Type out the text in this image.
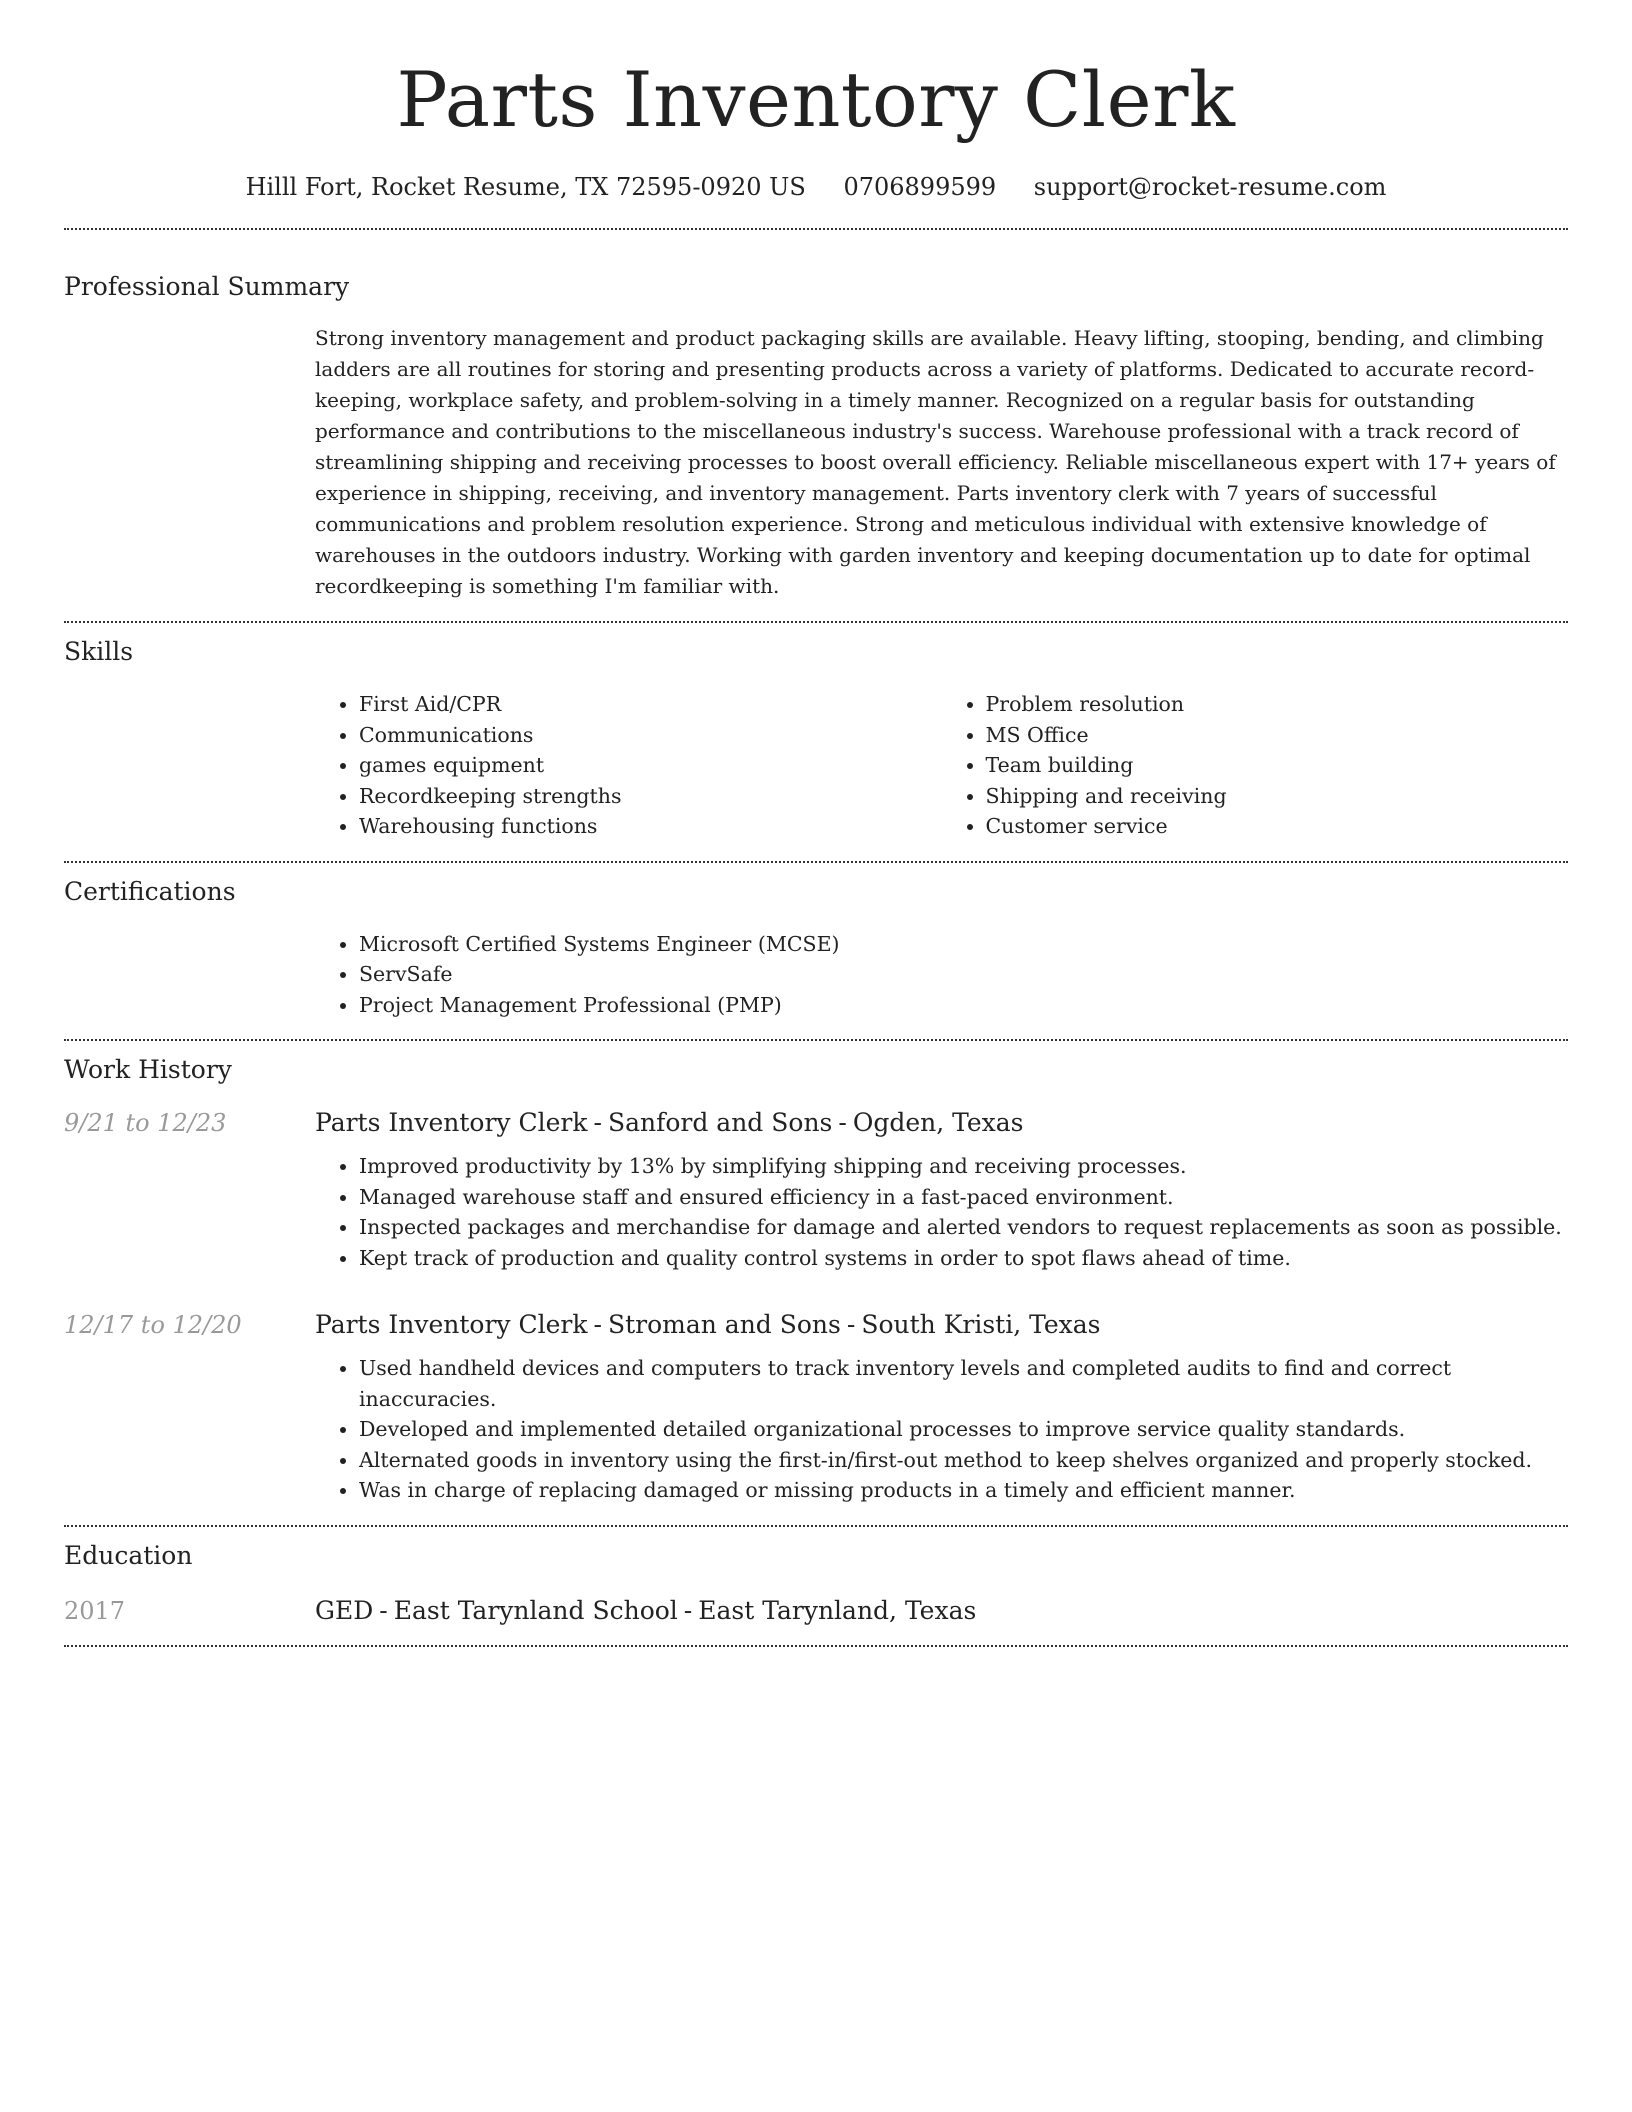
Parts Inventory Clerk
Hilll Fort, Rocket Resume, TX 72595-0920 US 0706899599 support@rocket-resume.com
Professional Summary

Strong inventory management and product packaging skills are available. Heavy lifting, stooping, bending, and climbing ladders are all routines for storing and presenting products across a variety of platforms. Dedicated to accurate record-keeping, workplace safety, and problem-solving in a timely manner. Recognized on a regular basis for outstanding performance and contributions to the miscellaneous industry's success. Warehouse professional with a track record of streamlining shipping and receiving processes to boost overall efficiency. Reliable miscellaneous expert with 17+ years of experience in shipping, receiving, and inventory management. Parts inventory clerk with 7 years of successful communications and problem resolution experience. Strong and meticulous individual with extensive knowledge of warehouses in the outdoors industry. Working with garden inventory and keeping documentation up to date for optimal recordkeeping is something I'm familiar with.

Skills
• First Aid/CPR
• Communications
• games equipment
• Recordkeeping strengths
• Warehousing functions
• Problem resolution
• MS Office
• Team building
• Shipping and receiving
• Customer service
Certifications
• Microsoft Certified Systems Engineer (MCSE)
• ServSafe
• Project Management Professional (PMP)
Work History
9/21 to 12/23	Parts Inventory Clerk - Sanford and Sons - Ogden, Texas
• Improved productivity by 13% by simplifying shipping and receiving processes.
• Managed warehouse staff and ensured efficiency in a fast-paced environment.
• Inspected packages and merchandise for damage and alerted vendors to request replacements as soon as possible.
• Kept track of production and quality control systems in order to spot flaws ahead of time.
12/17 to 12/20	Parts Inventory Clerk - Stroman and Sons - South Kristi, Texas
• Used handheld devices and computers to track inventory levels and completed audits to find and correct inaccuracies.
• Developed and implemented detailed organizational processes to improve service quality standards.
• Alternated goods in inventory using the first-in/first-out method to keep shelves organized and properly stocked.
• Was in charge of replacing damaged or missing products in a timely and efficient manner.
Education
2017	GED - East Tarynland School - East Tarynland, Texas
